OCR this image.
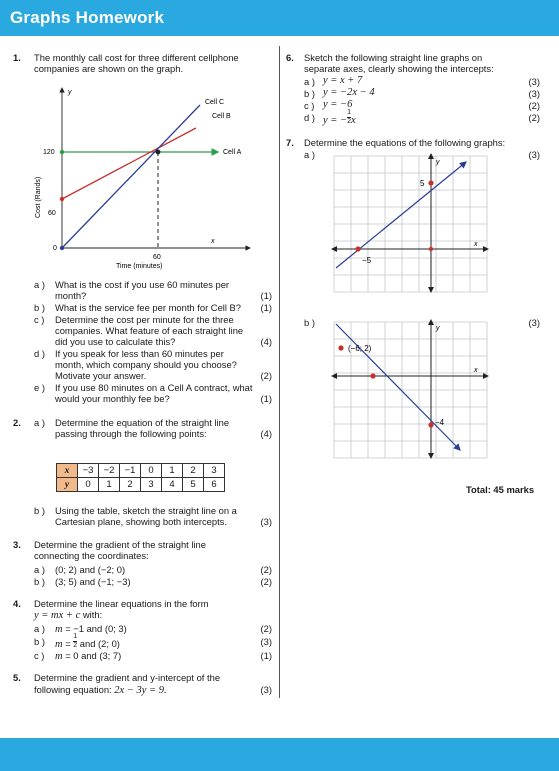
Graphs Homework
1. The monthly call cost for three different cellphone
companies are shown on the graph.
y
x
120
60
0
60
Time (minutes)
Cost (Rands)
Cell C
Cell B
Cell A
a ) What is the cost if you use 60 minutes per
month?	(1)
b ) What is the service fee per month for Cell B?	(1)
c ) Determine the cost per minute for the three
companies. What feature of each straight line
did you use to calculate this?	(4)
d ) If you speak for less than 60 minutes per
month, which company should you choose?
Motivate your answer.	(2)
e ) If you use 80 minutes on a Cell A contract, what
would your monthly fee be?	(1)
2. a ) Determine the equation of the straight line
passing through the following points:	(4)
x	−3	−2	−1	0	1	2	3
y	0	1	2	3	4	5	6
b ) Using the table, sketch the straight line on a
Cartesian plane, showing both intercepts.	(3)
3. Determine the gradient of the straight line
connecting the coordinates:
a ) (0; 2) and (−2; 0)	(2)
b ) (3; 5) and (−1; −3)	(2)
4. Determine the linear equations in the form
y = mx + c with:
a ) m = −1 and (0; 3)	(2)
b ) $m = \frac{1}{2}$ and (2; 0)	(3)
c ) m = 0 and (3; 7)	(1)
5. Determine the gradient and y-intercept of the
following equation: 2x − 3y = 9.	(3)
6. Sketch the following straight line graphs on
separate axes, clearly showing the intercepts:
a ) y = x + 7	(3)
b ) y = −2x − 4	(3)
c ) y = −6	(2)
d ) y = − $\frac{1}{2}$ x	(2)
7. Determine the equations of the following graphs:
a )	(3)
y
x
5
−5
b )	(3)
y
x
(−6; 2)
−4
Total: 45 marks
